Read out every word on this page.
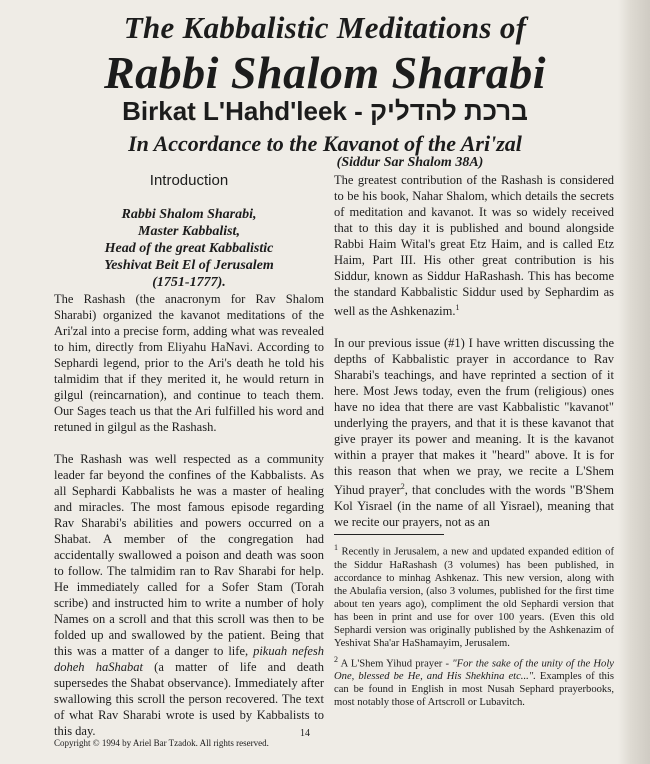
The Kabbalistic Meditations of
Rabbi Shalom Sharabi
Birkat L'Hahd'leek - ברכת להדליק
In Accordance to the Kavanot of the Ari'zal
(Siddur Sar Shalom 38A)
Introduction
Rabbi Shalom Sharabi,
Master Kabbalist,
Head of the great Kabbalistic
Yeshivat Beit El of Jerusalem
(1751-1777).

The Rashash (the anacronym for Rav Shalom Sharabi) organized the kavanot meditations of the Ari'zal into a precise form, adding what was revealed to him, directly from Eliyahu HaNavi. According to Sephardi legend, prior to the Ari's death he told his talmidim that if they merited it, he would return in gilgul (reincarnation), and continue to teach them. Our Sages teach us that the Ari fulfilled his word and retuned in gilgul as the Rashash.

The Rashash was well respected as a community leader far beyond the confines of the Kabbalists. As all Sephardi Kabbalists he was a master of healing and miracles. The most famous episode regarding Rav Sharabi's abilities and powers occurred on a Shabat. A member of the congregation had accidentally swallowed a poison and death was soon to follow. The talmidim ran to Rav Sharabi for help. He immediately called for a Sofer Stam (Torah scribe) and instructed him to write a number of holy Names on a scroll and that this scroll was then to be folded up and swallowed by the patient. Being that this was a matter of a danger to life, pikuah nefesh doheh haShabat (a matter of life and death supersedes the Shabat observance). Immediately after swallowing this scroll the person recovered. The text of what Rav Sharabi wrote is used by Kabbalists to this day.

The greatest contribution of the Rashash is considered to be his book, Nahar Shalom, which details the secrets of meditation and kavanot. It was so widely received that to this day it is published and bound alongside Rabbi Haim Wital's great Etz Haim, and is called Etz Haim, Part III. His other great contribution is his Siddur, known as Siddur HaRashash. This has become the standard Kabbalistic Siddur used by Sephardim as well as the Ashkenazim.$^1$

In our previous issue (#1) I have written discussing the depths of Kabbalistic prayer in accordance to Rav Sharabi's teachings, and have reprinted a section of it here. Most Jews today, even the frum (religious) ones have no idea that there are vast Kabbalistic "kavanot" underlying the prayers, and that it is these kavanot that give prayer its power and meaning. It is the kavanot within a prayer that makes it "heard" above. It is for this reason that when we pray, we recite a L'Shem Yihud prayer$^2$, that concludes with the words "B'Shem Kol Yisrael (in the name of all Yisrael), meaning that we recite our prayers, not as an

$^1$ Recently in Jerusalem, a new and updated expanded edition of the Siddur HaRashash (3 volumes) has been published, in accordance to minhag Ashkenaz. This new version, along with the Abulafia version, (also 3 volumes, published for the first time about ten years ago), compliment the old Sephardi version that has been in print and use for over 100 years. (Even this old Sephardi version was originally published by the Ashkenazim of Yeshivat Sha'ar HaShamayim, Jerusalem.

$^2$ A L'Shem Yihud prayer - "For the sake of the unity of the Holy One, blessed be He, and His Shekhina etc...". Examples of this can be found in English in most Nusah Sephard prayerbooks, most notably those of Artscroll or Lubavitch.

14
Copyright © 1994 by Ariel Bar Tzadok. All rights reserved.
